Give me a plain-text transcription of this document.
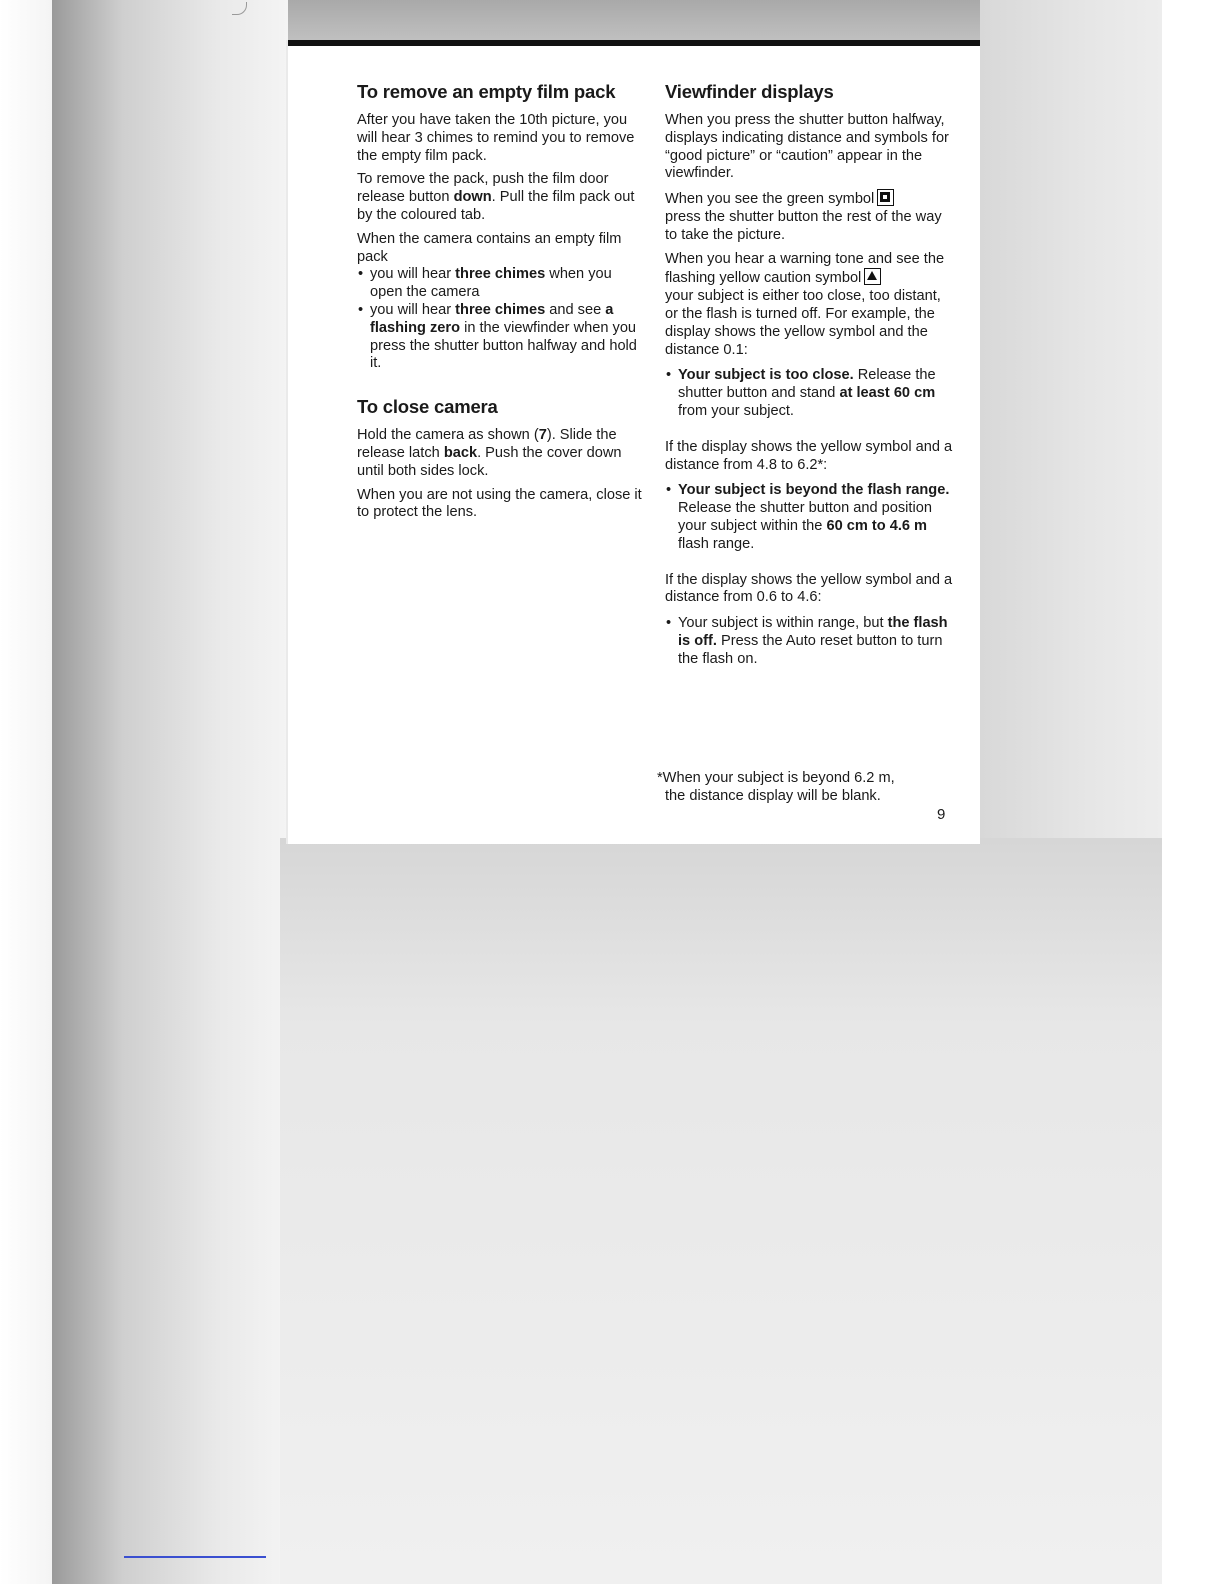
To remove an empty film pack

After you have taken the 10th picture, you will hear 3 chimes to remind you to remove the empty film pack.

To remove the pack, push the film door release button down. Pull the film pack out by the coloured tab.

When the camera contains an empty film pack

• you will hear three chimes when you open the camera
• you will hear three chimes and see a flashing zero in the viewfinder when you press the shutter button halfway and hold it.
To close camera

Hold the camera as shown (7). Slide the release latch back. Push the cover down until both sides lock.

When you are not using the camera, close it to protect the lens.

Viewfinder displays

When you press the shutter button halfway, displays indicating distance and symbols for “good picture” or “caution” appear in the viewfinder.

When you see the green symbol
press the shutter button the rest of the way to take the picture.

When you hear a warning tone and see the flashing yellow caution symbol
your subject is either too close, too distant, or the flash is turned off. For example, the display shows the yellow symbol and the distance 0.1:

• Your subject is too close. Release the shutter button and stand at least 60 cm from your subject.

If the display shows the yellow symbol and a distance from 4.8 to 6.2*:

• Your subject is beyond the flash range. Release the shutter button and position your subject within the 60 cm to 4.6 m flash range.

If the display shows the yellow symbol and a distance from 0.6 to 4.6:

• Your subject is within range, but the flash is off. Press the Auto reset button to turn the flash on.
*When your subject is beyond 6.2 m,
the distance display will be blank.
9
